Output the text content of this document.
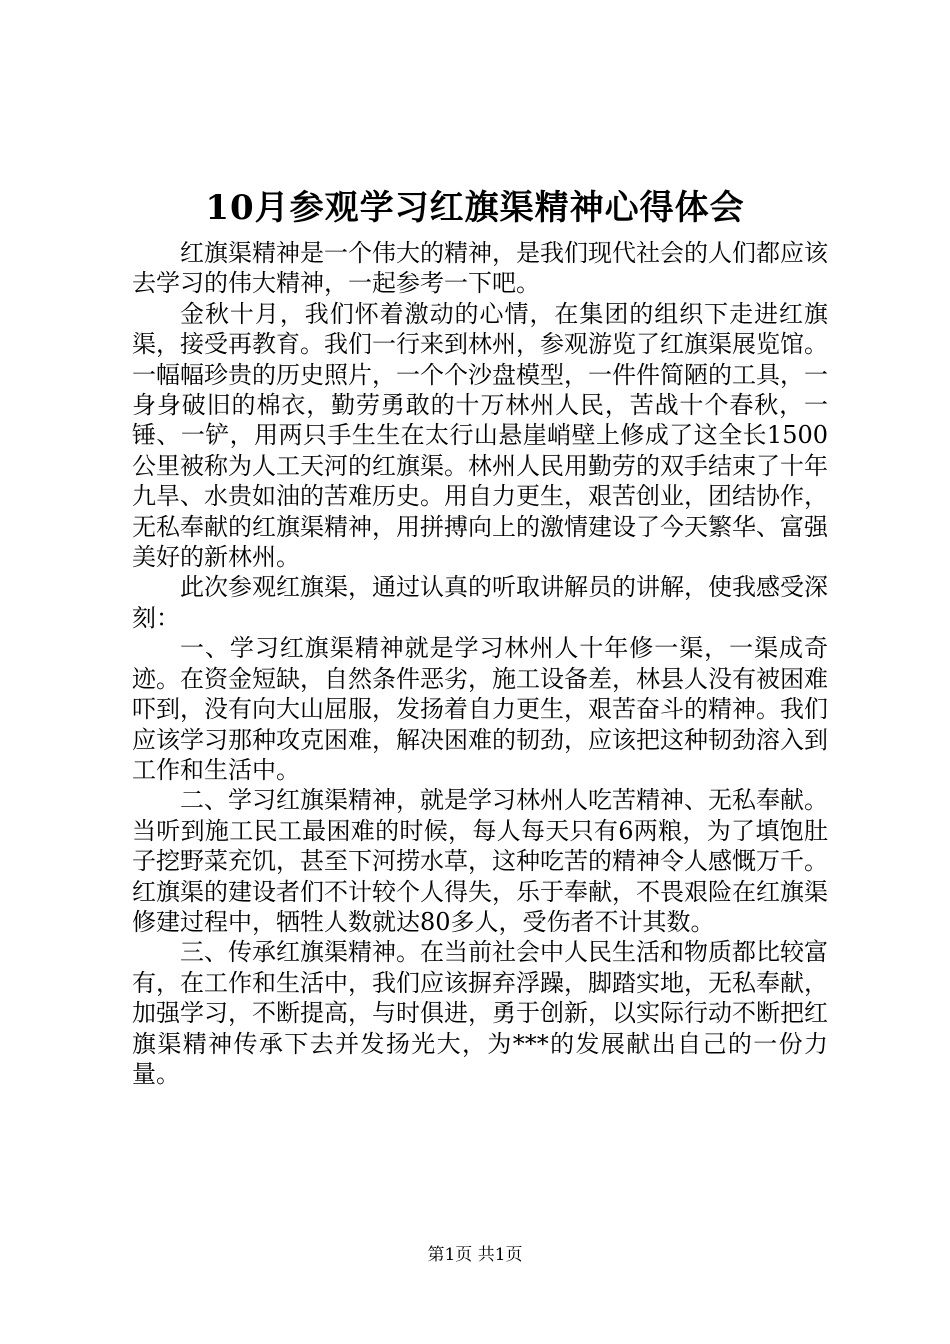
10月参观学习红旗渠精神心得体会

红旗渠精神是一个伟大的精神，是我们现代社会的人们都应该去学习的伟大精神，一起参考一下吧。

金秋十月，我们怀着激动的心情，在集团的组织下走进红旗渠，接受再教育。我们一行来到林州，参观游览了红旗渠展览馆。一幅幅珍贵的历史照片，一个个沙盘模型，一件件简陋的工具，一身身破旧的棉衣，勤劳勇敢的十万林州人民，苦战十个春秋，一锤、一铲，用两只手生生在太行山悬崖峭壁上修成了这全长1500公里被称为人工天河的红旗渠。林州人民用勤劳的双手结束了十年九旱、水贵如油的苦难历史。用自力更生，艰苦创业，团结协作，无私奉献的红旗渠精神，用拼搏向上的激情建设了今天繁华、富强美好的新林州。

此次参观红旗渠，通过认真的听取讲解员的讲解，使我感受深刻：

一、学习红旗渠精神就是学习林州人十年修一渠，一渠成奇迹。在资金短缺，自然条件恶劣，施工设备差，林县人没有被困难吓到，没有向大山屈服，发扬着自力更生，艰苦奋斗的精神。我们应该学习那种攻克困难，解决困难的韧劲，应该把这种韧劲溶入到工作和生活中。

二、学习红旗渠精神，就是学习林州人吃苦精神、无私奉献。当听到施工民工最困难的时候，每人每天只有6两粮，为了填饱肚子挖野菜充饥，甚至下河捞水草，这种吃苦的精神令人感慨万千。红旗渠的建设者们不计较个人得失，乐于奉献，不畏艰险在红旗渠修建过程中，牺牲人数就达80多人，受伤者不计其数。

三、传承红旗渠精神。在当前社会中人民生活和物质都比较富有，在工作和生活中，我们应该摒弃浮躁，脚踏实地，无私奉献，加强学习，不断提高，与时俱进，勇于创新，以实际行动不断把红旗渠精神传承下去并发扬光大，为***的发展献出自己的一份力量。

第1页 共1页
